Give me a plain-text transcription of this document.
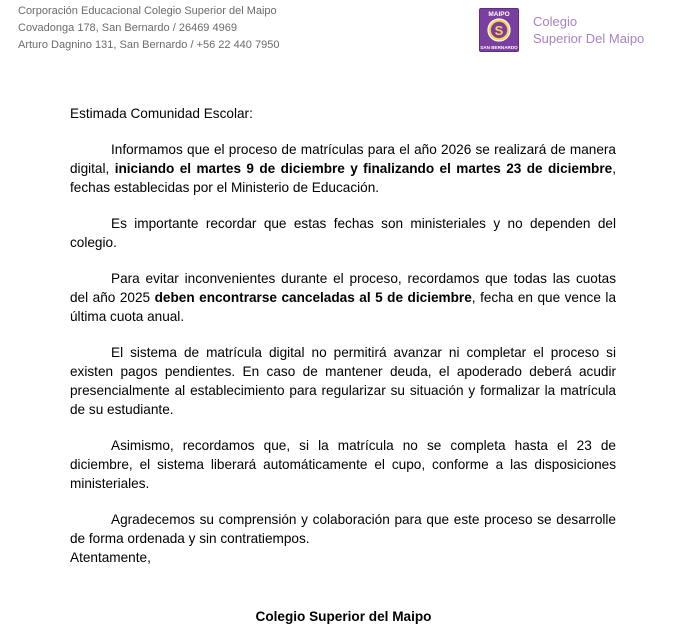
Corporación Educacional Colegio Superior del Maipo
Covadonga 178, San Bernardo / 26469 4969
Arturo Dagnino 131, San Bernardo / +56 22 440 7950
MAIPO
S
SAN BERNARDO
Colegio
Superior Del Maipo

Estimada Comunidad Escolar:

Informamos que el proceso de matrículas para el año 2026 se realizará de manera digital, iniciando el martes 9 de diciembre y finalizando el martes 23 de diciembre, fechas establecidas por el Ministerio de Educación.

Es importante recordar que estas fechas son ministeriales y no dependen del colegio.

Para evitar inconvenientes durante el proceso, recordamos que todas las cuotas del año 2025 deben encontrarse canceladas al 5 de diciembre, fecha en que vence la última cuota anual.

El sistema de matrícula digital no permitirá avanzar ni completar el proceso si existen pagos pendientes. En caso de mantener deuda, el apoderado deberá acudir presencialmente al establecimiento para regularizar su situación y formalizar la matrícula de su estudiante.

Asimismo, recordamos que, si la matrícula no se completa hasta el 23 de diciembre, el sistema liberará automáticamente el cupo, conforme a las disposiciones ministeriales.

Agradecemos su comprensión y colaboración para que este proceso se desarrolle de forma ordenada y sin contratiempos.

Atentamente,

Colegio Superior del Maipo
